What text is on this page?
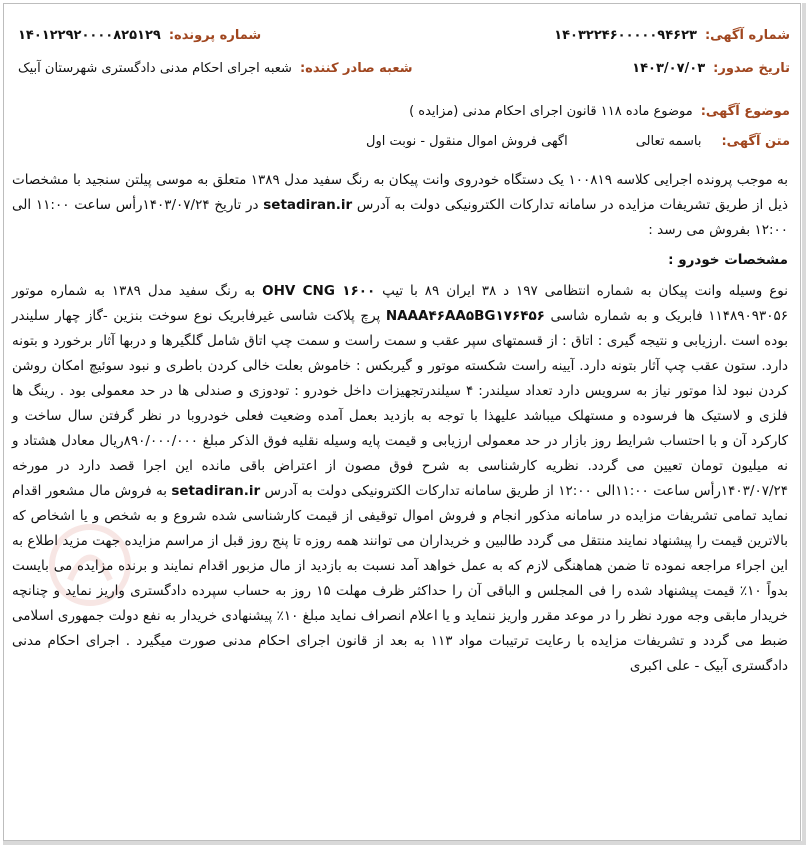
شماره آگهی:
۱۴۰۳۲۲۴۶۰۰۰۰۰۹۴۶۲۳
شماره پرونده:
۱۴۰۱۲۲۹۲۰۰۰۰۸۲۵۱۲۹
تاریخ صدور:
۱۴۰۳/۰۷/۰۳
شعبه صادر کننده:
شعبه اجرای احکام مدنی دادگستری شهرستان آبیک
موضوع آگهی:
موضوع ماده ۱۱۸ قانون اجرای احکام مدنی (مزایده )
متن آگهی:
باسمه تعالی
اگهی فروش اموال منقول - نوبت اول

به موجب پرونده اجرایی کلاسه ۱۰۰۸۱۹ یک دستگاه خودروی وانت پیکان به رنگ سفید مدل ۱۳۸۹ متعلق به موسی پیلتن سنجید با مشخصات ذیل از طریق تشریفات مزایده در سامانه تدارکات الکترونیکی دولت به آدرس setadiran.ir در تاریخ ۱۴۰۳/۰۷/۲۴رأس ساعت ۱۱:۰۰ الی ۱۲:۰۰ بفروش می رسد :

مشخصات خودرو :

نوع وسیله وانت پیکان به شماره انتظامی ۱۹۷ د ۳۸ ایران ۸۹ با تیپ OHV CNG ۱۶۰۰ به رنگ سفید مدل ۱۳۸۹ به شماره موتور ۱۱۴۸۹۰۹۳۰۵۶ فابریک و به شماره شاسی NAAA۴۶AA۵BG۱۷۶۴۵۶ پرچ پلاکت شاسی غیرفابریک نوع سوخت بنزین -گاز چهار سلیندر بوده است .ارزیابی و نتیجه گیری : اتاق : از قسمتهای سپر عقب و سمت راست و سمت چپ اتاق شامل گلگیرها و دربها آثار برخورد و بتونه دارد. ستون عقب چپ آثار بتونه دارد. آیینه راست شکسته موتور و گیربکس : خاموش بعلت خالی کردن باطری و نبود سوئیچ امکان روشن کردن نبود لذا موتور نیاز به سرویس دارد تعداد سیلندر: ۴ سیلندرتجهیزات داخل خودرو : تودوزی و صندلی ها در حد معمولی بود . رینگ ها فلزی و لاستیک ها فرسوده و مستهلک میباشد علیهذا با توجه به بازدید بعمل آمده وضعیت فعلی خودروبا در نظر گرفتن سال ساخت و کارکرد آن و با احتساب شرایط روز بازار در حد معمولی ارزیابی و قیمت پایه وسیله نقلیه فوق الذکر مبلغ ۸۹۰/۰۰۰/۰۰۰ریال معادل هشتاد و نه میلیون تومان تعیین می گردد. نظریه کارشناسی به شرح فوق مصون از اعتراض باقی مانده این اجرا قصد دارد در مورخه ۱۴۰۳/۰۷/۲۴رأس ساعت ۱۱:۰۰الی ۱۲:۰۰ از طریق سامانه تدارکات الکترونیکی دولت به آدرس setadiran.ir به فروش مال مشعور اقدام نماید تمامی تشریفات مزایده در سامانه مذکور انجام و فروش اموال توقیفی از قیمت کارشناسی شده شروع و به شخص و یا اشخاص که بالاترین قیمت را پیشنهاد نمایند منتقل می گردد طالبین و خریداران می توانند همه روزه تا پنج روز قبل از مراسم مزایده جهت مزید اطلاع به این اجراء مراجعه نموده تا ضمن هماهنگی لازم که به عمل خواهد آمد نسبت به بازدید از مال مزبور اقدام نمایند و برنده مزایده می بایست بدواً ۱۰٪ قیمت پیشنهاد شده را فی المجلس و الباقی آن را حداکثر ظرف مهلت ۱۵ روز به حساب سپرده دادگستری واریز نماید و چنانچه خریدار مابقی وجه مورد نظر را در موعد مقرر واریز ننماید و یا اعلام انصراف نماید مبلغ ۱۰٪ پیشنهادی خریدار به نفع دولت جمهوری اسلامی ضبط می گردد و تشریفات مزایده با رعایت ترتیبات مواد ۱۱۳ به بعد از قانون اجرای احکام مدنی صورت میگیرد . اجرای احکام مدنی دادگستری آبیک - علی اکبری
